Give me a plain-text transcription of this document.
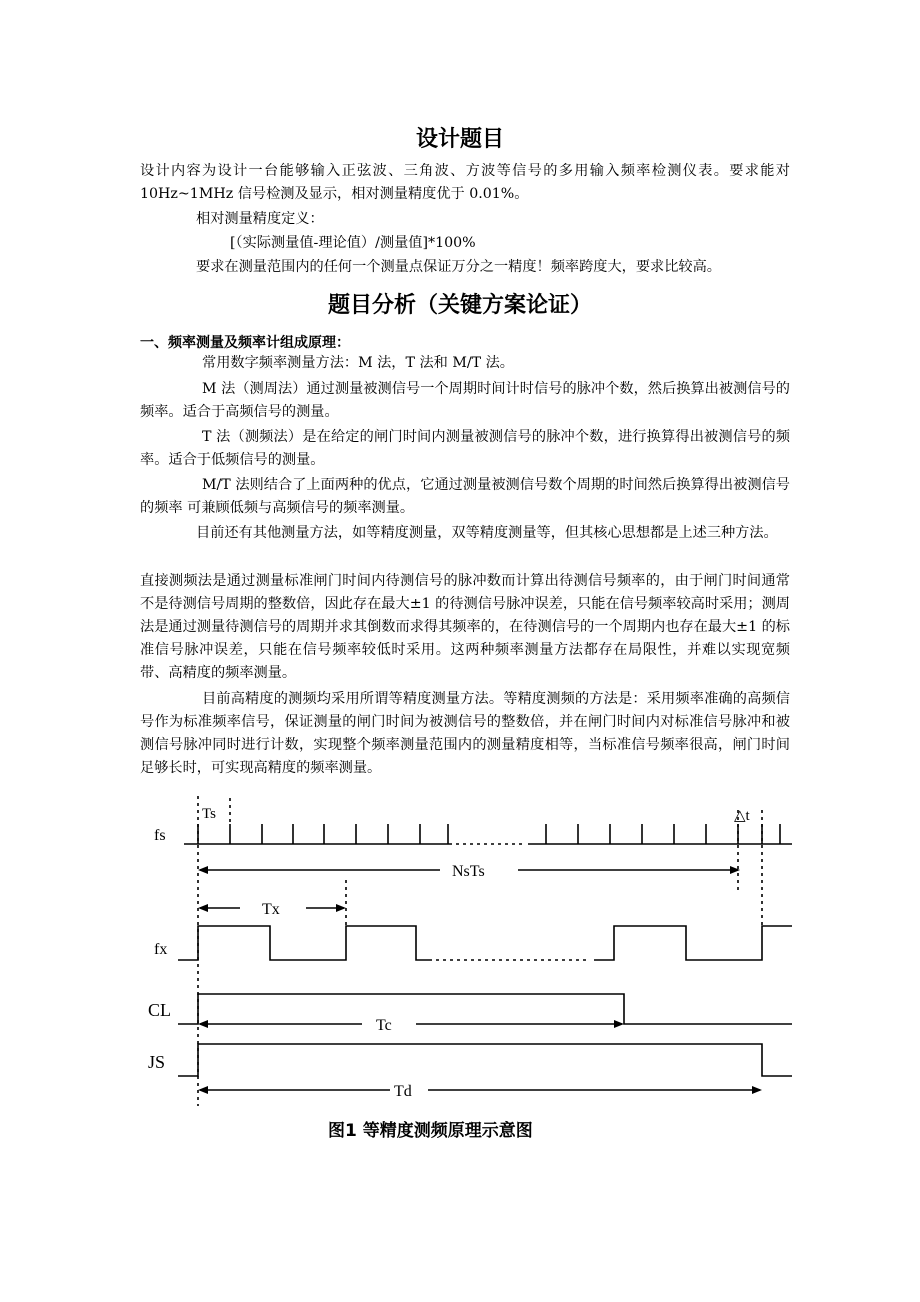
设计题目

设计内容为设计一台能够输入正弦波、三角波、方波等信号的多用输入频率检测仪表。要求能对 10Hz~1MHz 信号检测及显示，相对测量精度优于 0.01%。

相对测量精度定义：

[（实际测量值-理论值）/测量值]*100%

要求在测量范围内的任何一个测量点保证万分之一精度！频率跨度大，要求比较高。

题目分析（关键方案论证）
一、频率测量及频率计组成原理：

常用数字频率测量方法：M 法，T 法和 M/T 法。

M 法（测周法）通过测量被测信号一个周期时间计时信号的脉冲个数，然后换算出被测信号的频率。适合于高频信号的测量。

T 法（测频法）是在给定的闸门时间内测量被测信号的脉冲个数，进行换算得出被测信号的频率。适合于低频信号的测量。

M/T 法则结合了上面两种的优点，它通过测量被测信号数个周期的时间然后换算得出被测信号的频率 可兼顾低频与高频信号的频率测量。

目前还有其他测量方法，如等精度测量，双等精度测量等，但其核心思想都是上述三种方法。

直接测频法是通过测量标准闸门时间内待测信号的脉冲数而计算出待测信号频率的，由于闸门时间通常不是待测信号周期的整数倍，因此存在最大±1 的待测信号脉冲误差，只能在信号频率较高时采用；测周法是通过测量待测信号的周期并求其倒数而求得其频率的，在待测信号的一个周期内也存在最大±1 的标准信号脉冲误差，只能在信号频率较低时采用。这两种频率测量方法都存在局限性，并难以实现宽频带、高精度的频率测量。

目前高精度的测频均采用所谓等精度测量方法。等精度测频的方法是：采用频率准确的高频信号作为标准频率信号，保证测量的闸门时间为被测信号的整数倍，并在闸门时间内对标准信号脉冲和被测信号脉冲同时进行计数，实现整个频率测量范围内的测量精度相等，当标准信号频率很高，闸门时间足够长时，可实现高精度的频率测量。

fs
fx
CL
JS
Ts	△t
NsTs
Tx
Tc
Td
图1 等精度测频原理示意图
